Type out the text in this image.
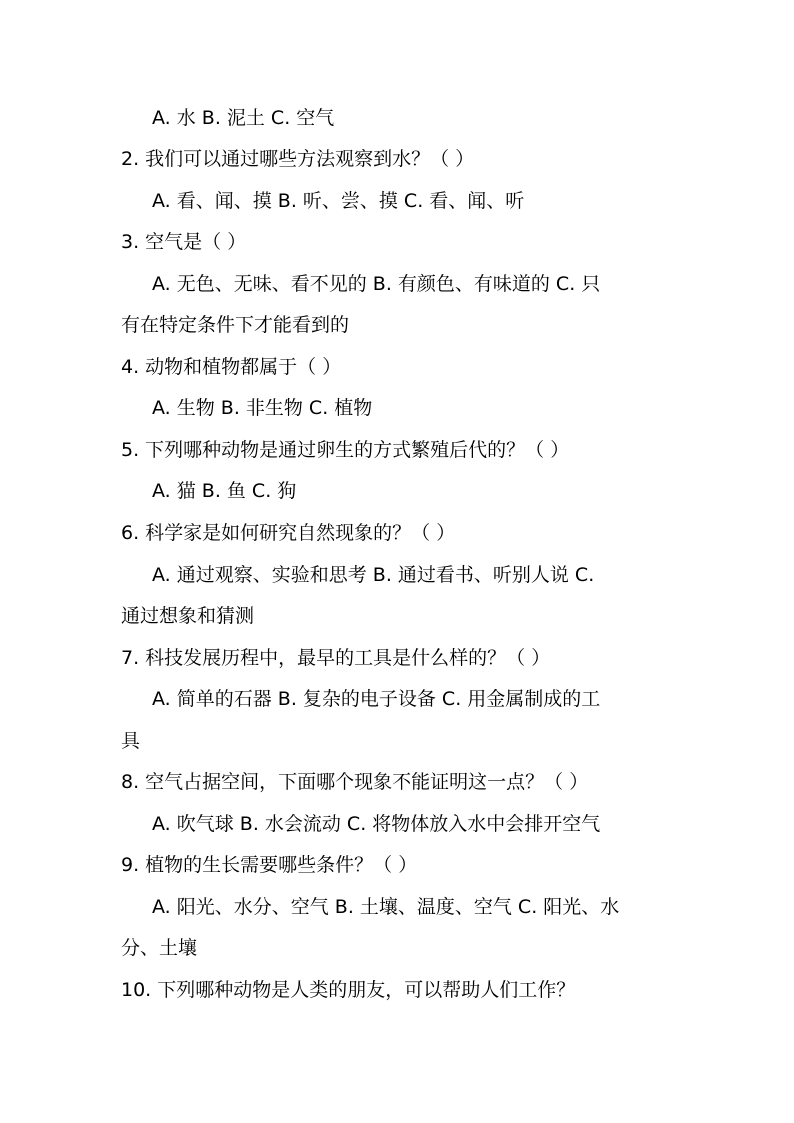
A. 水 B. 泥土 C. 空气
2. 我们可以通过哪些方法观察到水？（ ）
A. 看、闻、摸 B. 听、尝、摸 C. 看、闻、听
3. 空气是（ ）
A. 无色、无味、看不见的 B. 有颜色、有味道的 C. 只
有在特定条件下才能看到的
4. 动物和植物都属于（ ）
A. 生物 B. 非生物 C. 植物
5. 下列哪种动物是通过卵生的方式繁殖后代的？（ ）
A. 猫 B. 鱼 C. 狗
6. 科学家是如何研究自然现象的？（ ）
A. 通过观察、实验和思考 B. 通过看书、听别人说 C.
通过想象和猜测
7. 科技发展历程中，最早的工具是什么样的？（ ）
A. 简单的石器 B. 复杂的电子设备 C. 用金属制成的工
具
8. 空气占据空间，下面哪个现象不能证明这一点？（ ）
A. 吹气球 B. 水会流动 C. 将物体放入水中会排开空气
9. 植物的生长需要哪些条件？（ ）
A. 阳光、水分、空气 B. 土壤、温度、空气 C. 阳光、水
分、土壤
10. 下列哪种动物是人类的朋友，可以帮助人们工作？
